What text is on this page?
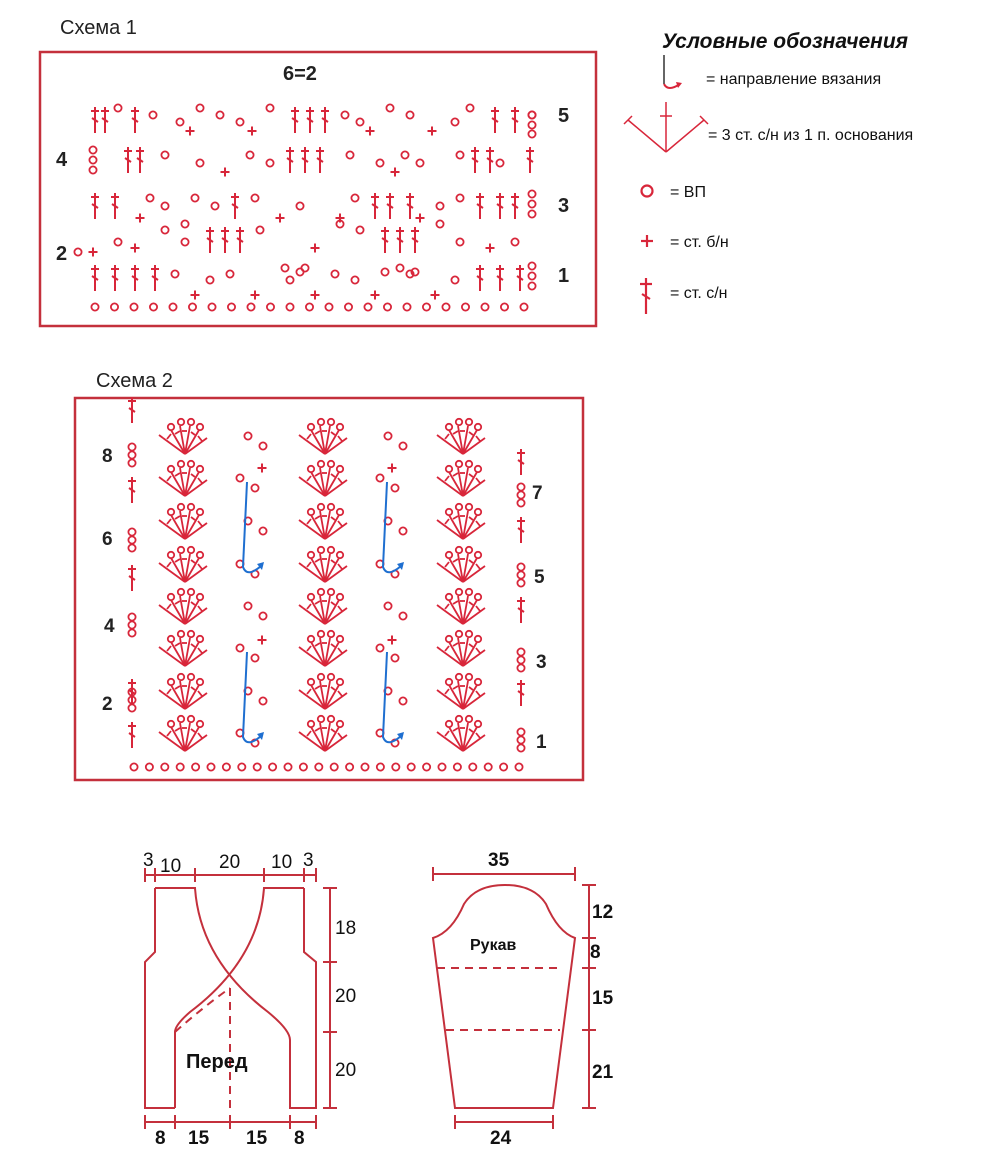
Схема 1
6=2
4
2
5
3
1
Условные обозначения
= направление вязания
= 3 ст. с/н из 1 п. основания
= ВП
= ст. б/н
= ст. с/н
Схема 2
8
6
4
2
7
5
3
1
3 10 20 10 3
18
20
20
8 15 15 8
Перед
35
12
8
15
21
24
Рукав
